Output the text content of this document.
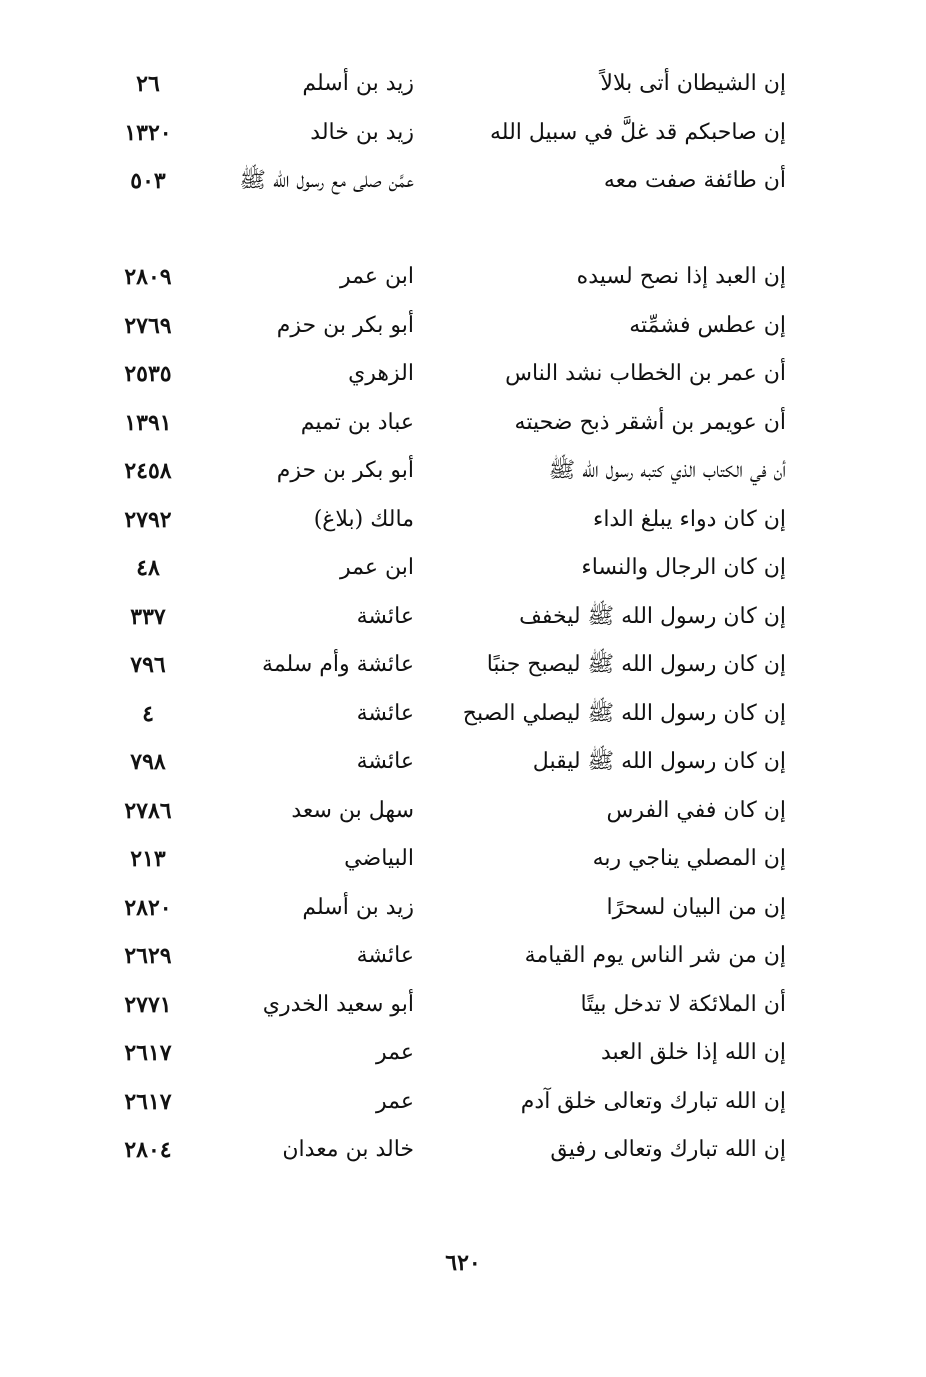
إن الشيطان أتى بلالاً
زيد بن أسلم
٢٦
إن صاحبكم قد غلَّ في سبيل الله
زيد بن خالد
١٣٢٠
أن طائفة صفت معه
عمَّن صلى مع رسول الله ﷺ
٥٠٣
إن العبد إذا نصح لسيده
ابن عمر
٢٨٠٩
إن عطس فشمِّته
أبو بكر بن حزم
٢٧٦٩
أن عمر بن الخطاب نشد الناس
الزهري
٢٥٣٥
أن عويمر بن أشقر ذبح ضحيته
عباد بن تميم
١٣٩١
أن في الكتاب الذي كتبه رسول الله ﷺ
أبو بكر بن حزم
٢٤٥٨
إن كان دواء يبلغ الداء
مالك (بلاغ)
٢٧٩٢
إن كان الرجال والنساء
ابن عمر
٤٨
إن كان رسول الله ﷺ ليخفف
عائشة
٣٣٧
إن كان رسول الله ﷺ ليصبح جنبًا
عائشة وأم سلمة
٧٩٦
إن كان رسول الله ﷺ ليصلي الصبح
عائشة
٤
إن كان رسول الله ﷺ ليقبل
عائشة
٧٩٨
إن كان ففي الفرس
سهل بن سعد
٢٧٨٦
إن المصلي يناجي ربه
البياضي
٢١٣
إن من البيان لسحرًا
زيد بن أسلم
٢٨٢٠
إن من شر الناس يوم القيامة
عائشة
٢٦٢٩
أن الملائكة لا تدخل بيتًا
أبو سعيد الخدري
٢٧٧١
إن الله إذا خلق العبد
عمر
٢٦١٧
إن الله تبارك وتعالى خلق آدم
عمر
٢٦١٧
إن الله تبارك وتعالى رفيق
خالد بن معدان
٢٨٠٤
٦٢٠
